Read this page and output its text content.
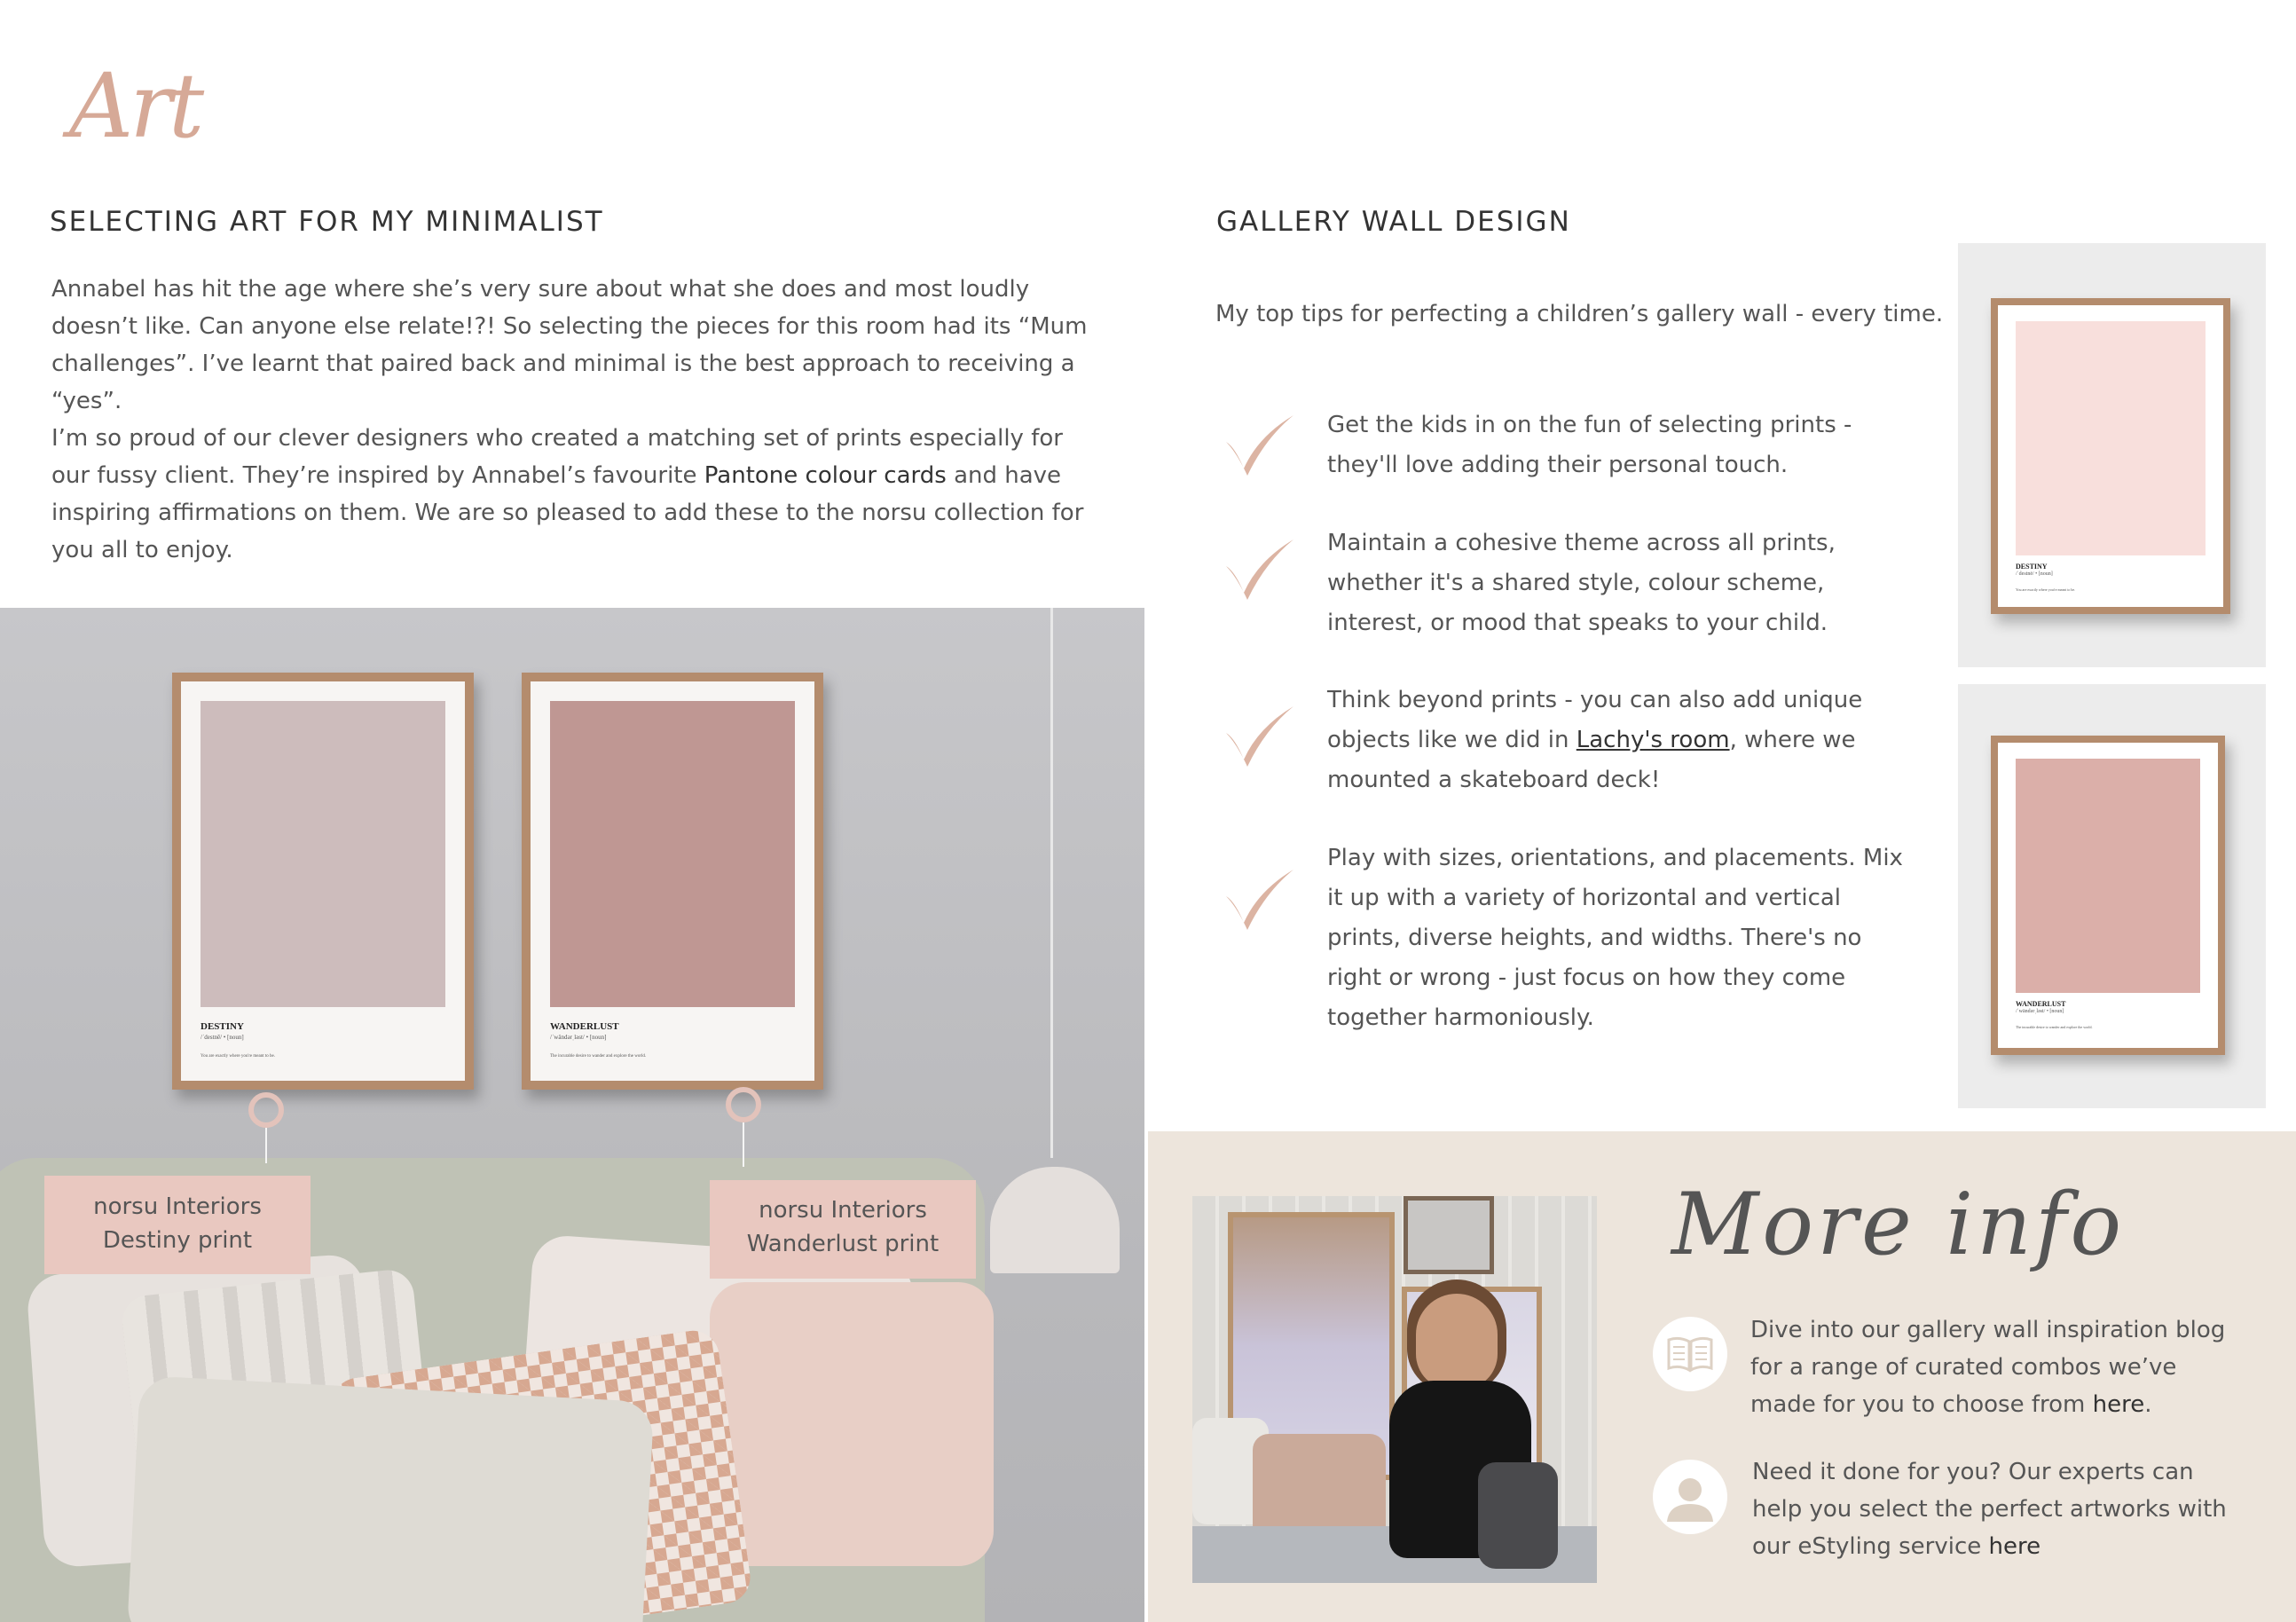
Art
SELECTING ART FOR MY MINIMALIST

Annabel has hit the age where she’s very sure about what she does and most loudly doesn’t like. Can anyone else relate!?! So selecting the pieces for this room had its “Mum challenges”. I’ve learnt that paired back and minimal is the best approach to receiving a “yes”.

I’m so proud of our clever designers who created a matching set of prints especially for our fussy client. They’re inspired by Annabel’s favourite Pantone colour cards and have inspiring affirmations on them. We are so pleased to add these to the norsu collection for you all to enjoy.

DESTINY
/ˈdestnē/ • [noun]
You are exactly where you're meant to be.
WANDERLUST
/ˈwändərˌləst/ • [noun]
The incurable desire to wander and explore the world.
norsu Interiors
Destiny print
norsu Interiors
Wanderlust print
GALLERY WALL DESIGN

My top tips for perfecting a children’s gallery wall - every time.

Get the kids in on the fun of selecting prints - they'll love adding their personal touch.

Maintain a cohesive theme across all prints, whether it's a shared style, colour scheme, interest, or mood that speaks to your child.

Think beyond prints - you can also add unique objects like we did in Lachy's room, where we mounted a skateboard deck!

Play with sizes, orientations, and placements. Mix it up with a variety of horizontal and vertical prints, diverse heights, and widths. There's no right or wrong - just focus on how they come together harmoniously.

DESTINY
/ˈdestnē/ • [noun]
You are exactly where you're meant to be.
WANDERLUST
/ˈwändərˌləst/ • [noun]
The incurable desire to wander and explore the world.
More info

Dive into our gallery wall inspiration blog for a range of curated combos we’ve made for you to choose from here.

Need it done for you? Our experts can help you select the perfect artworks with our eStyling service here
